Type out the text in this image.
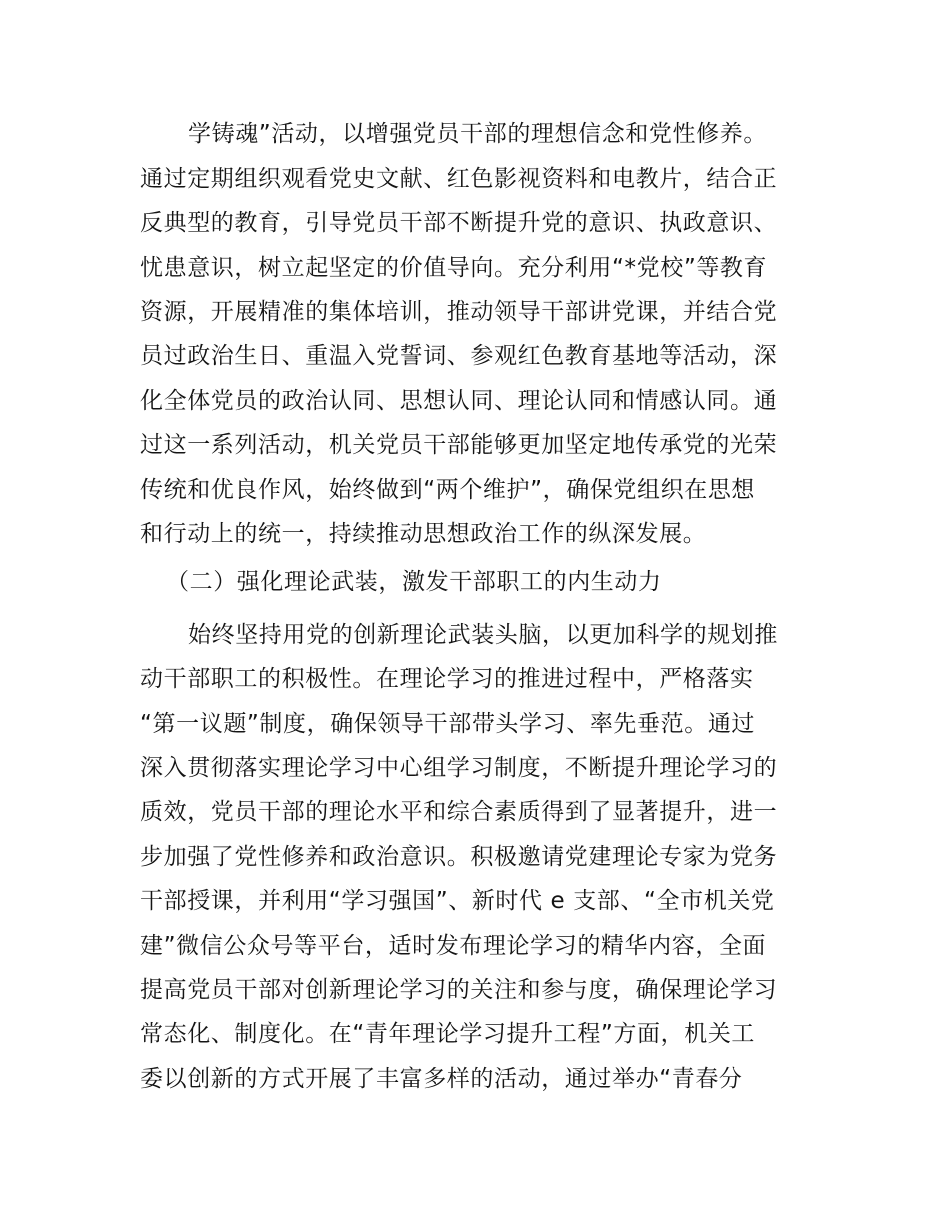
学铸魂”活动，以增强党员干部的理想信念和党性修养。
通过定期组织观看党史文献、红色影视资料和电教片，结合正
反典型的教育，引导党员干部不断提升党的意识、执政意识、
忧患意识，树立起坚定的价值导向。充分利用“*党校”等教育
资源，开展精准的集体培训，推动领导干部讲党课，并结合党
员过政治生日、重温入党誓词、参观红色教育基地等活动，深
化全体党员的政治认同、思想认同、理论认同和情感认同。通
过这一系列活动，机关党员干部能够更加坚定地传承党的光荣
传统和优良作风，始终做到“两个维护”，确保党组织在思想
和行动上的统一，持续推动思想政治工作的纵深发展。
（二）强化理论武装，激发干部职工的内生动力
始终坚持用党的创新理论武装头脑，以更加科学的规划推
动干部职工的积极性。在理论学习的推进过程中，严格落实
“第一议题”制度，确保领导干部带头学习、率先垂范。通过
深入贯彻落实理论学习中心组学习制度，不断提升理论学习的
质效，党员干部的理论水平和综合素质得到了显著提升，进一
步加强了党性修养和政治意识。积极邀请党建理论专家为党务
干部授课，并利用“学习强国”、新时代 e 支部、“全市机关党
建”微信公众号等平台，适时发布理论学习的精华内容，全面
提高党员干部对创新理论学习的关注和参与度，确保理论学习
常态化、制度化。在“青年理论学习提升工程”方面，机关工
委以创新的方式开展了丰富多样的活动，通过举办“青春分
